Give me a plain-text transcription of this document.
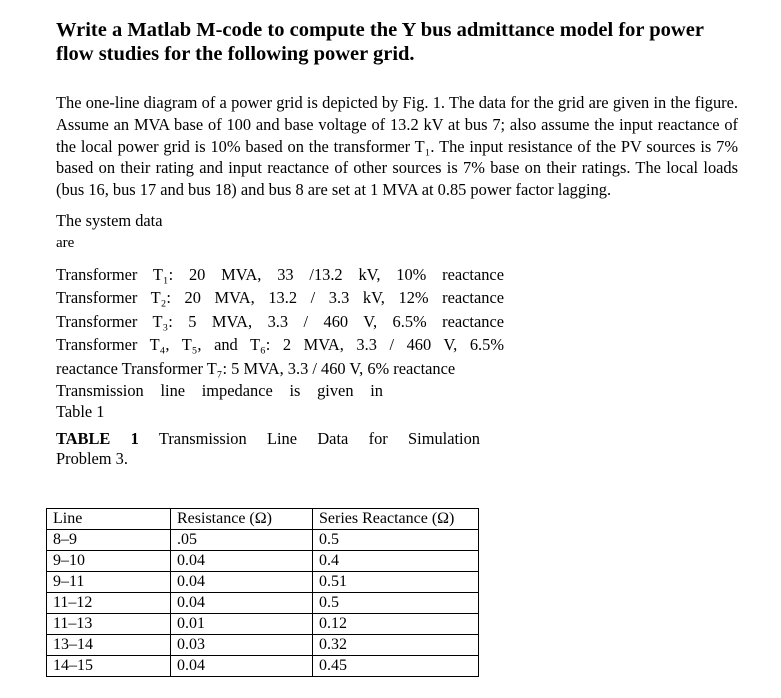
Write a Matlab M-code to compute the Y bus admittance model for power flow studies for the following power grid.

The one-line diagram of a power grid is depicted by Fig. 1. The data for the grid are given in the figure. Assume an MVA base of 100 and base voltage of 13.2 kV at bus 7; also assume the input reactance of the local power grid is 10% based on the transformer T₁. The input resistance of the PV sources is 7% based on their rating and input reactance of other sources is 7% base on their ratings. The local loads (bus 16, bus 17 and bus 18) and bus 8 are set at 1 MVA at 0.85 power factor lagging.

The system data
are
Transformer T₁: 20 MVA, 33 /13.2 kV, 10% reactance
Transformer T₂: 20 MVA, 13.2 / 3.3 kV, 12% reactance
Transformer T₃: 5 MVA, 3.3 / 460 V, 6.5% reactance
Transformer T₄, T₅, and T₆: 2 MVA, 3.3 / 460 V, 6.5%
reactance Transformer T₇: 5 MVA, 3.3 / 460 V, 6% reactance
Transmission line impedance is given in
Table 1
TABLE 1 Transmission Line Data for Simulation
Problem 3.
Line	Resistance (Ω)	Series Reactance (Ω)
8–9	.05	0.5
9–10	0.04	0.4
9–11	0.04	0.51
11–12	0.04	0.5
11–13	0.01	0.12
13–14	0.03	0.32
14–15	0.04	0.45
